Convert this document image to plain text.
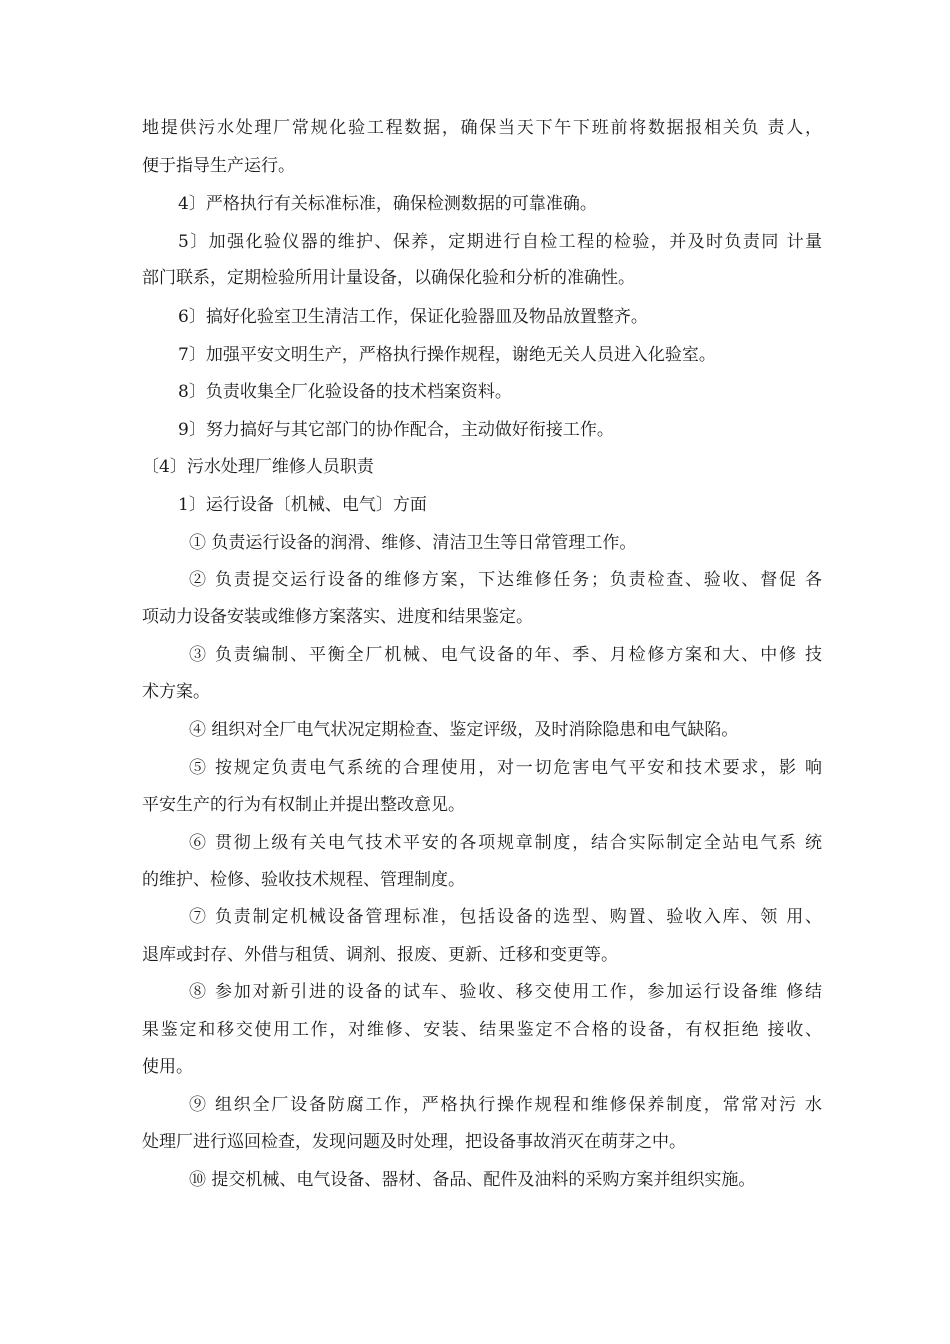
地提供污水处理厂常规化验工程数据，确保当天下午下班前将数据报相关负 责人，
便于指导生产运行。
4〕严格执行有关标准标准，确保检测数据的可靠准确。
5〕加强化验仪器的维护、保养，定期进行自检工程的检验，并及时负责同 计量
部门联系，定期检验所用计量设备，以确保化验和分析的准确性。
6〕搞好化验室卫生清洁工作，保证化验器皿及物品放置整齐。
7〕加强平安文明生产，严格执行操作规程，谢绝无关人员进入化验室。
8〕负责收集全厂化验设备的技术档案资料。
9〕努力搞好与其它部门的协作配合，主动做好衔接工作。
〔4〕污水处理厂维修人员职责
1〕运行设备〔机械、电气〕方面
① 负责运行设备的润滑、维修、清洁卫生等日常管理工作。
② 负责提交运行设备的维修方案，下达维修任务；负责检查、验收、督促 各
项动力设备安装或维修方案落实、进度和结果鉴定。
③ 负责编制、平衡全厂机械、电气设备的年、季、月检修方案和大、中修 技
术方案。
④ 组织对全厂电气状况定期检查、鉴定评级，及时消除隐患和电气缺陷。
⑤ 按规定负责电气系统的合理使用，对一切危害电气平安和技术要求，影 响
平安生产的行为有权制止并提出整改意见。
⑥ 贯彻上级有关电气技术平安的各项规章制度，结合实际制定全站电气系 统
的维护、检修、验收技术规程、管理制度。
⑦ 负责制定机械设备管理标准，包括设备的选型、购置、验收入库、领 用、
退库或封存、外借与租赁、调剂、报废、更新、迁移和变更等。
⑧ 参加对新引进的设备的试车、验收、移交使用工作，参加运行设备维 修结
果鉴定和移交使用工作，对维修、安装、结果鉴定不合格的设备，有权拒绝 接收、
使用。
⑨ 组织全厂设备防腐工作，严格执行操作规程和维修保养制度，常常对污 水
处理厂进行巡回检查，发现问题及时处理，把设备事故消灭在萌芽之中。
⑩ 提交机械、电气设备、器材、备品、配件及油料的采购方案并组织实施。
